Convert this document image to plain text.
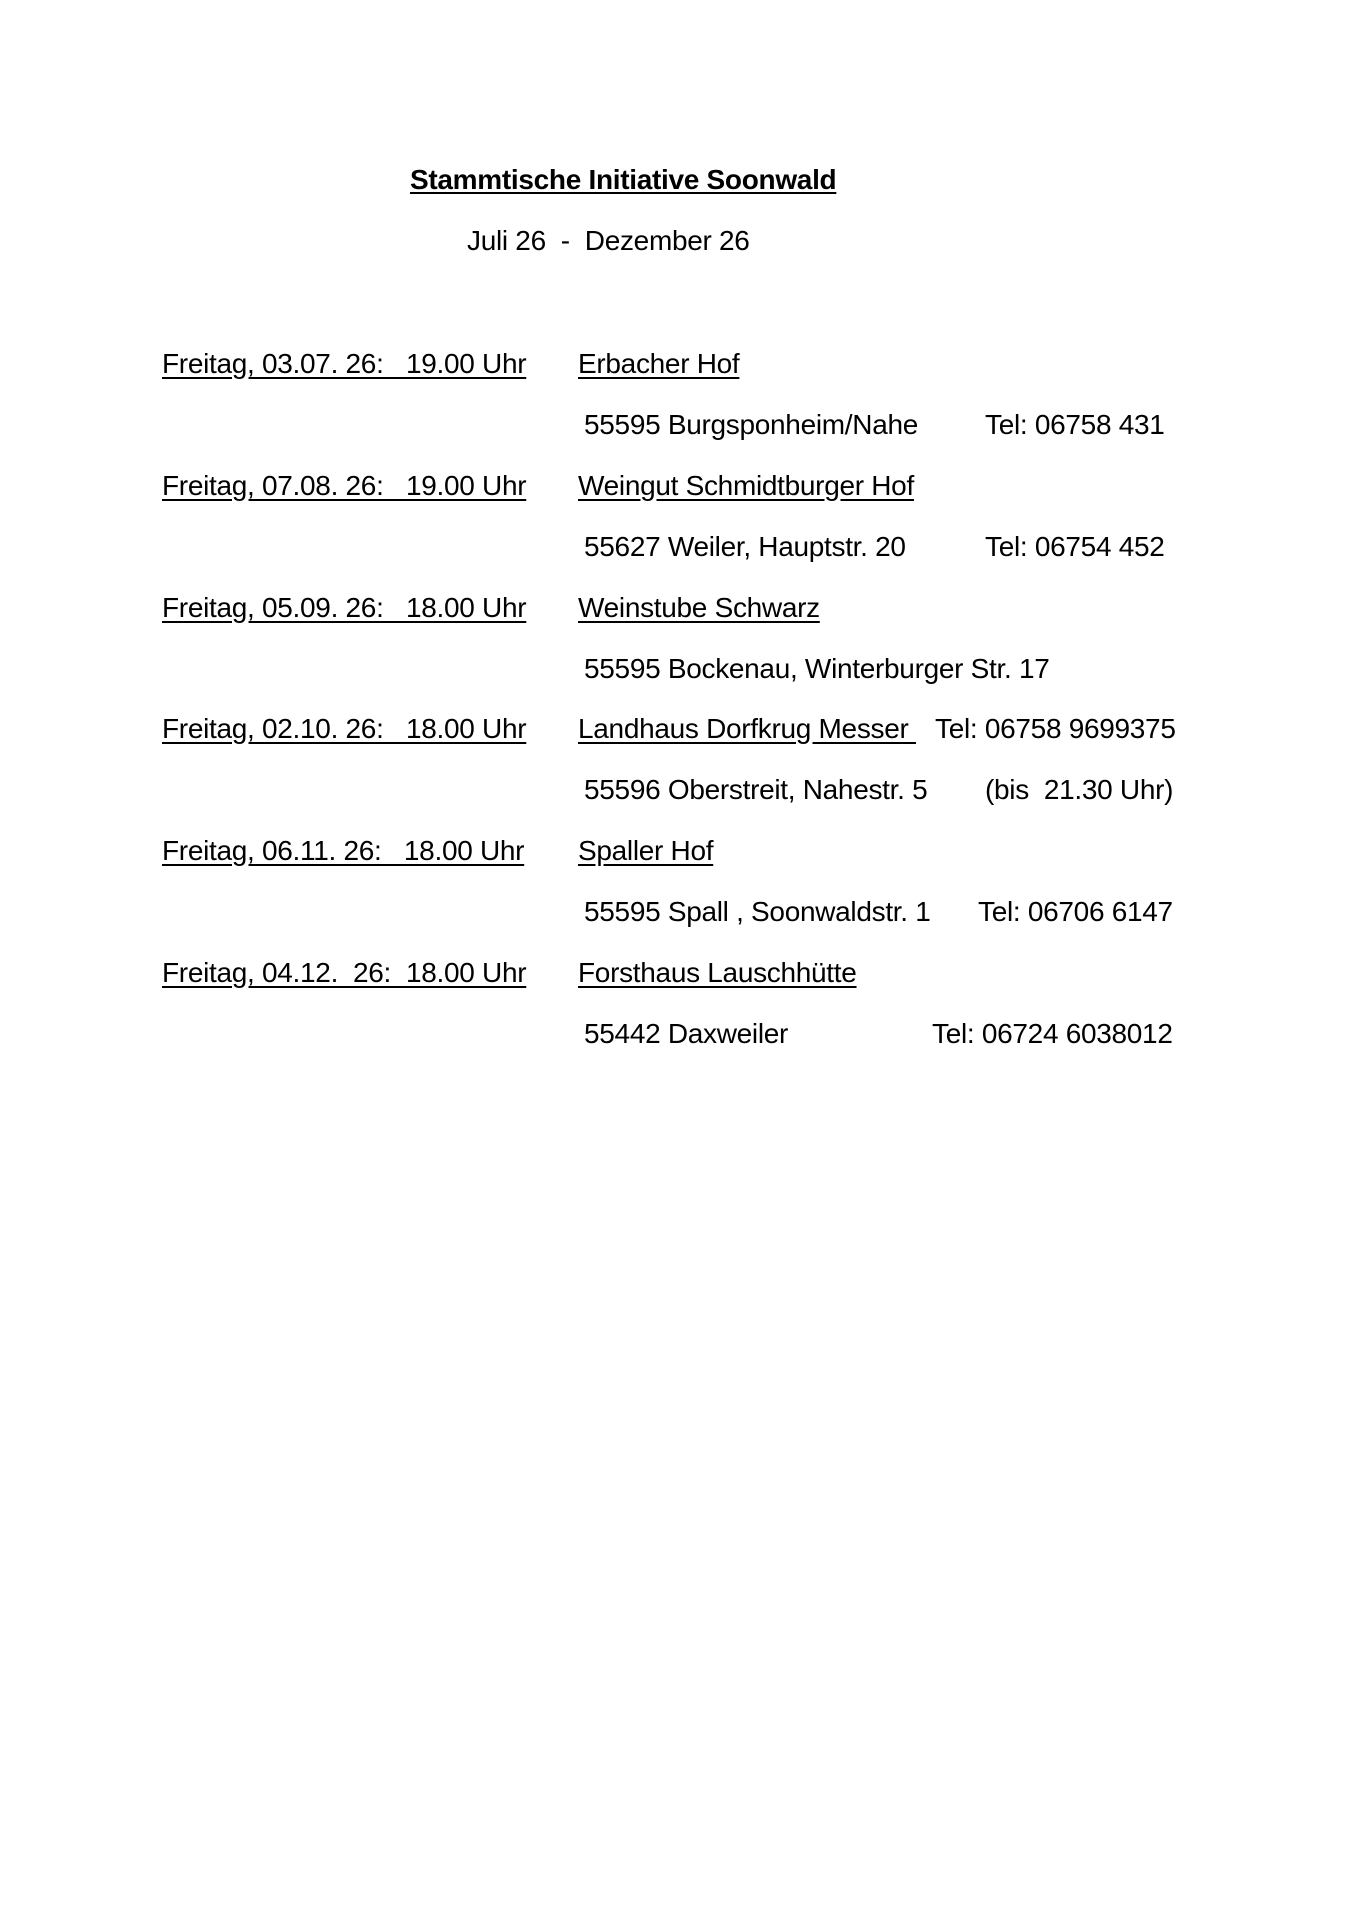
Stammtische Initiative Soonwald
Juli 26  -  Dezember 26
Freitag, 03.07. 26:   19.00 Uhr Erbacher Hof
55595 Burgsponheim/Nahe Tel: 06758 431
Freitag, 07.08. 26:   19.00 Uhr Weingut Schmidtburger Hof
55627 Weiler, Hauptstr. 20	Tel: 06754 452
Freitag, 05.09. 26:   18.00 Uhr Weinstube Schwarz
55595 Bockenau, Winterburger Str. 17
Freitag, 02.10. 26:   18.00 Uhr Landhaus Dorfkrug Messer Tel: 06758 9699375
55596 Oberstreit, Nahestr. 5 (bis  21.30 Uhr)
Freitag, 06.11. 26:   18.00 Uhr Spaller Hof
55595 Spall , Soonwaldstr. 1 Tel: 06706 6147
Freitag, 04.12.  26:  18.00 Uhr Forsthaus Lauschhütte
55442 Daxweiler	Tel: 06724 6038012
